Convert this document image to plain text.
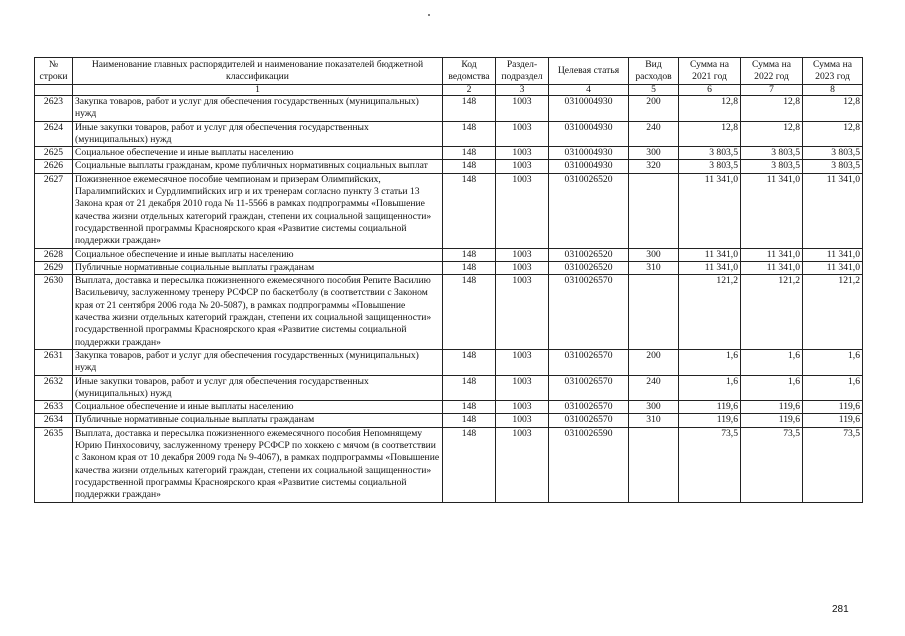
№ строки	Наименование главных распорядителей и наименование показателей бюджетной классификации	Код ведомства	Раздел-подраздел	Целевая статья	Вид расходов	Сумма на 2021 год	Сумма на 2022 год	Сумма на 2023 год
	1	2	3	4	5	6	7	8
2623	Закупка товаров, работ и услуг для обеспечения государственных (муниципальных) нужд	148	1003	0310004930	200	12,8	12,8	12,8
2624	Иные закупки товаров, работ и услуг для обеспечения государственных (муниципальных) нужд	148	1003	0310004930	240	12,8	12,8	12,8
2625	Социальное обеспечение и иные выплаты населению	148	1003	0310004930	300	3 803,5	3 803,5	3 803,5
2626	Социальные выплаты гражданам, кроме публичных нормативных социальных выплат	148	1003	0310004930	320	3 803,5	3 803,5	3 803,5
2627	Пожизненное ежемесячное пособие чемпионам и призерам Олимпийских, Паралимпийских и Сурдлимпийских игр и их тренерам согласно пункту 3 статьи 13 Закона края от 21 декабря 2010 года № 11-5566 в рамках подпрограммы «Повышение качества жизни отдельных категорий граждан, степени их социальной защищенности» государственной программы Красноярского края «Развитие системы социальной поддержки граждан»	148	1003	0310026520		11 341,0	11 341,0	11 341,0
2628	Социальное обеспечение и иные выплаты населению	148	1003	0310026520	300	11 341,0	11 341,0	11 341,0
2629	Публичные нормативные социальные выплаты гражданам	148	1003	0310026520	310	11 341,0	11 341,0	11 341,0
2630	Выплата, доставка и пересылка пожизненного ежемесячного пособия Репите Василию Васильевичу, заслуженному тренеру РСФСР по баскетболу (в соответствии с Законом края от 21 сентября 2006 года № 20-5087), в рамках подпрограммы «Повышение качества жизни отдельных категорий граждан, степени их социальной защищенности» государственной программы Красноярского края «Развитие системы социальной поддержки граждан»	148	1003	0310026570		121,2	121,2	121,2
2631	Закупка товаров, работ и услуг для обеспечения государственных (муниципальных) нужд	148	1003	0310026570	200	1,6	1,6	1,6
2632	Иные закупки товаров, работ и услуг для обеспечения государственных (муниципальных) нужд	148	1003	0310026570	240	1,6	1,6	1,6
2633	Социальное обеспечение и иные выплаты населению	148	1003	0310026570	300	119,6	119,6	119,6
2634	Публичные нормативные социальные выплаты гражданам	148	1003	0310026570	310	119,6	119,6	119,6
2635	Выплата, доставка и пересылка пожизненного ежемесячного пособия Непомнящему Юрию Пинхосовичу, заслуженному тренеру РСФСР по хоккею с мячом (в соответствии с Законом края от 10 декабря 2009 года № 9-4067), в рамках подпрограммы «Повышение качества жизни отдельных категорий граждан, степени их социальной защищенности» государственной программы Красноярского края «Развитие системы социальной поддержки граждан»	148	1003	0310026590		73,5	73,5	73,5
281
